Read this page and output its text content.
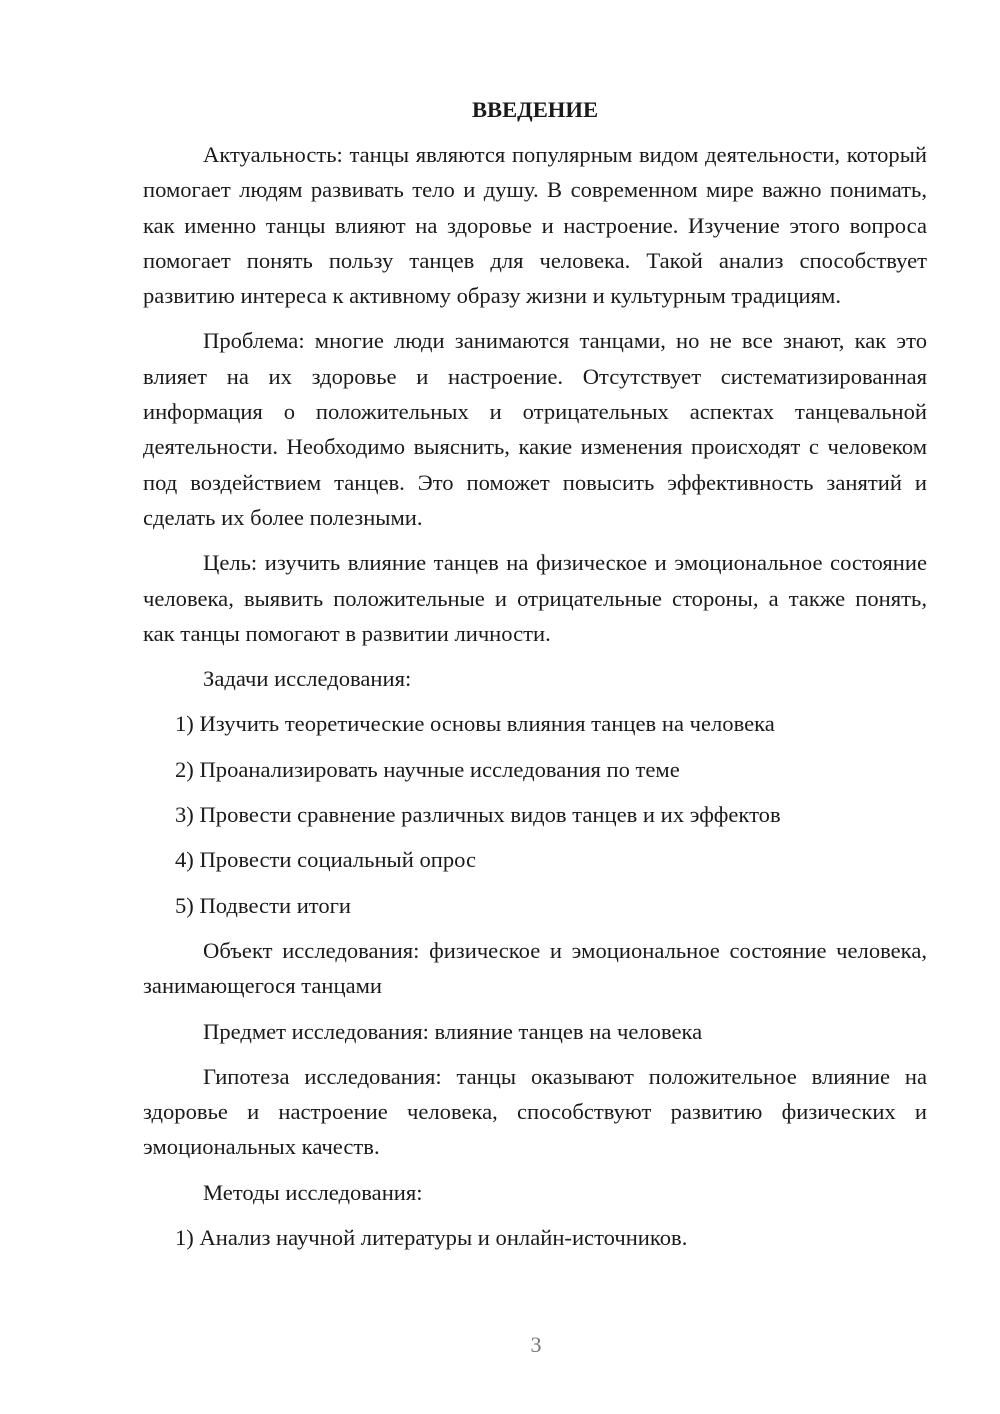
ВВЕДЕНИЕ

Актуальность: танцы являются популярным видом деятельности, который помогает людям развивать тело и душу. В современном мире важно понимать, как именно танцы влияют на здоровье и настроение. Изучение этого вопроса помогает понять пользу танцев для человека. Такой анализ способствует развитию интереса к активному образу жизни и культурным традициям.

Проблема: многие люди занимаются танцами, но не все знают, как это влияет на их здоровье и настроение. Отсутствует систематизированная информация о положительных и отрицательных аспектах танцевальной деятельности. Необходимо выяснить, какие изменения происходят с человеком под воздействием танцев. Это поможет повысить эффективность занятий и сделать их более полезными.

Цель: изучить влияние танцев на физическое и эмоциональное состояние человека, выявить положительные и отрицательные стороны, а также понять, как танцы помогают в развитии личности.

Задачи исследования:

1) Изучить теоретические основы влияния танцев на человека

2) Проанализировать научные исследования по теме

3) Провести сравнение различных видов танцев и их эффектов

4) Провести социальный опрос

5) Подвести итоги

Объект исследования: физическое и эмоциональное состояние человека, занимающегося танцами

Предмет исследования: влияние танцев на человека

Гипотеза исследования: танцы оказывают положительное влияние на здоровье и настроение человека, способствуют развитию физических и эмоциональных качеств.

Методы исследования:

1) Анализ научной литературы и онлайн-источников.

3
